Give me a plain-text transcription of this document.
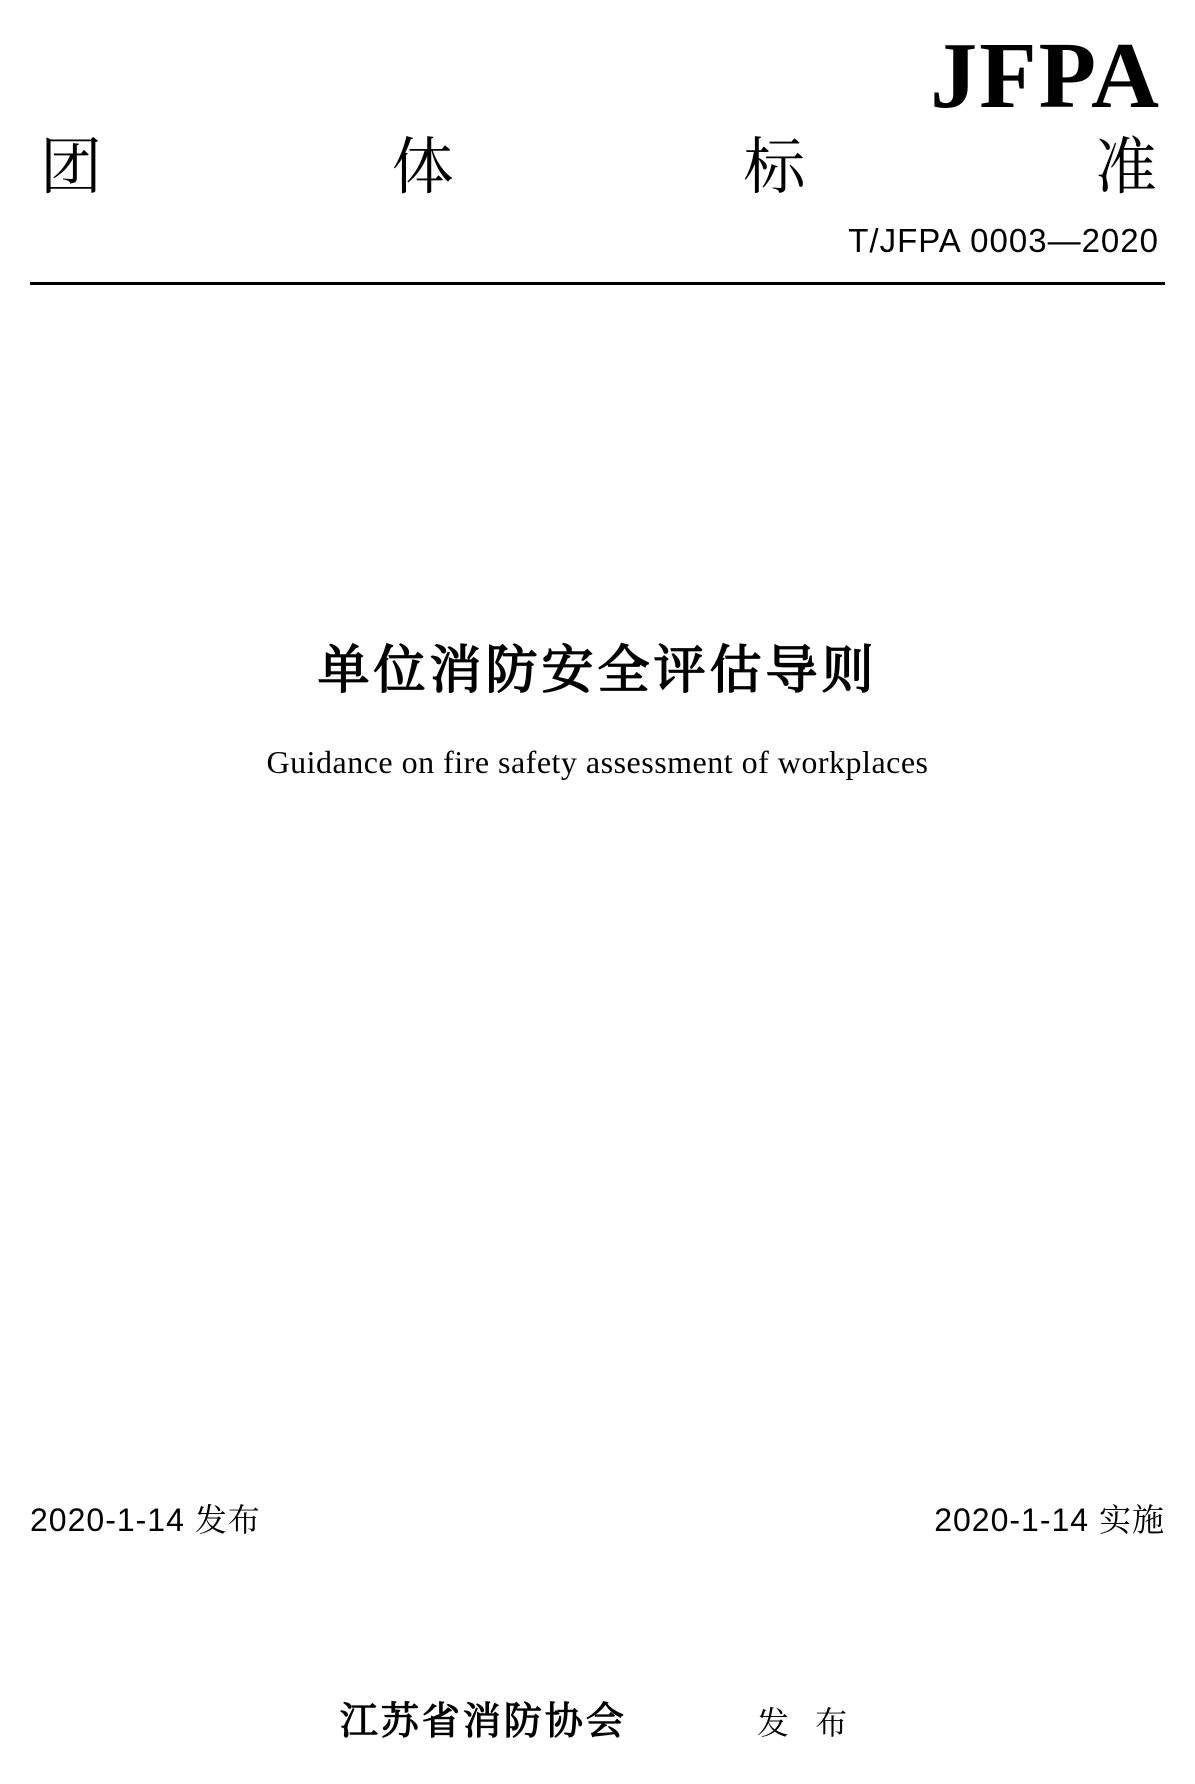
JFPA
团	体	标	准
T/JFPA 0003—2020
单位消防安全评估导则
Guidance on fire safety assessment of workplaces
2020-1-14 发布	2020-1-14 实施
江苏省消防协会	发 布
